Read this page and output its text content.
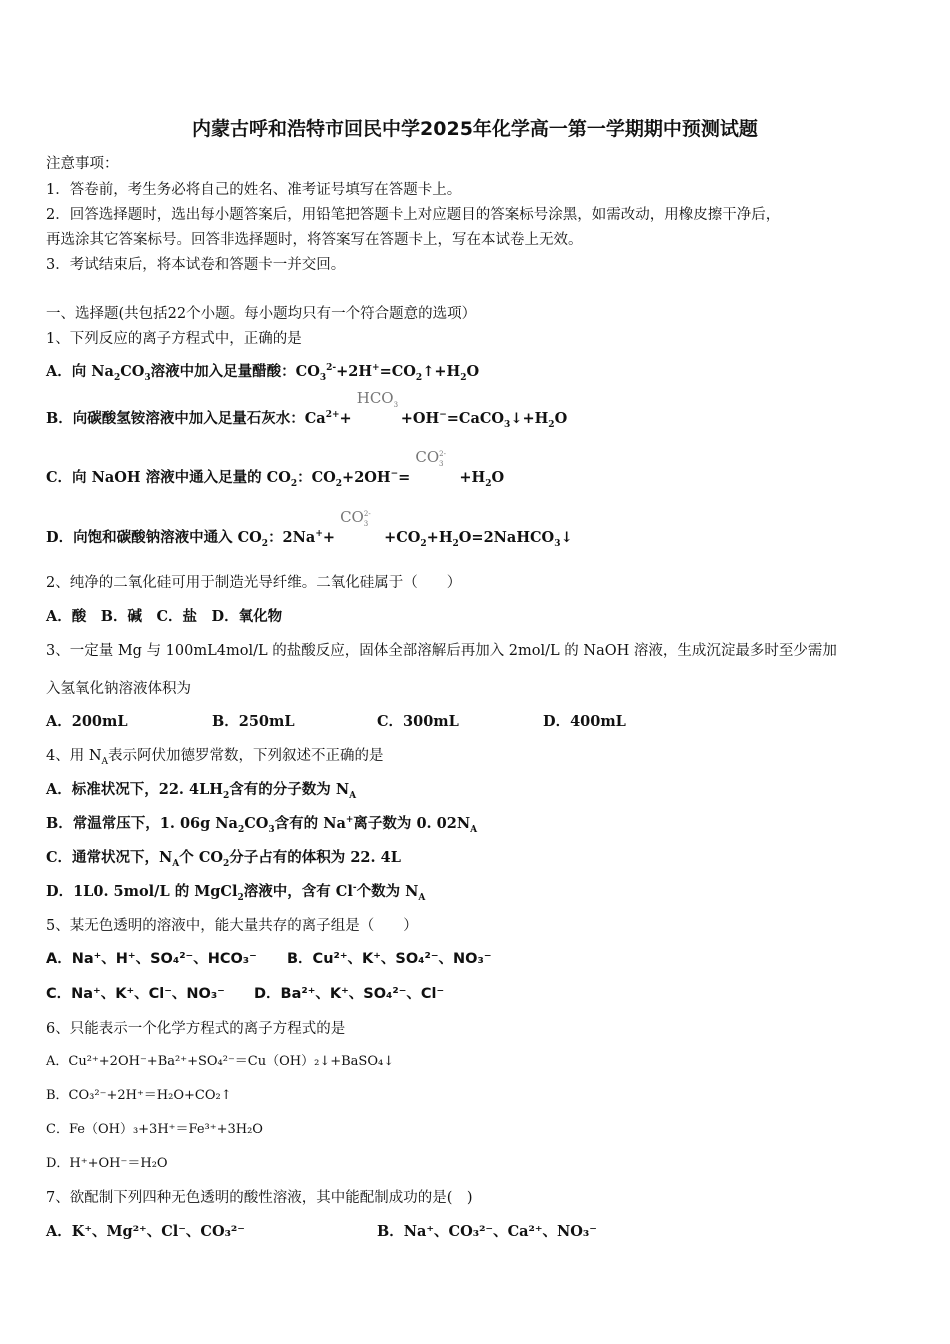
内蒙古呼和浩特市回民中学2025年化学高一第一学期期中预测试题
注意事项：
1．答卷前，考生务必将自己的姓名、准考证号填写在答题卡上。
2．回答选择题时，选出每小题答案后，用铅笔把答题卡上对应题目的答案标号涂黑，如需改动，用橡皮擦干净后，
再选涂其它答案标号。回答非选择题时，将答案写在答题卡上，写在本试卷上无效。
3．考试结束后，将本试卷和答题卡一并交回。
一、选择题(共包括22个小题。每小题均只有一个符合题意的选项）
1、下列反应的离子方程式中，正确的是
A．向 $Na_2CO_3$溶液中加入足量醋酸：$CO_3^{2-}+2H^+=CO_2↑+H_2O$
B．向碳酸氢铵溶液中加入足量石灰水：$Ca^{2+}+$
$HCO_3$
$+OH^-=CaCO_3↓+H_2O$
C．向 NaOH 溶液中通入足量的 $CO_2$：$CO_2+2OH^-=$
$CO^{2-}_3$
$+H_2O$
D．向饱和碳酸钠溶液中通入 $CO_2$：2Na++
$CO^{2-}_3$
$+CO_2+H_2O=2NaHCO_3↓$
2、纯净的二氧化硅可用于制造光导纤维。二氧化硅属于（　　）
A．酸　B．碱　C．盐　D．氧化物
3、一定量 Mg 与 100mL4mol/L 的盐酸反应，固体全部溶解后再加入 2mol/L 的 NaOH 溶液，生成沉淀最多时至少需加
入氢氧化钠溶液体积为
A．200mL	B．250mL	C．300mL	D．400mL
4、用 $N_A$表示阿伏加德罗常数，下列叙述不正确的是
A．标准状况下，22. $4LH_2$含有的分子数为 $N_A$
B．常温常压下，1. 06g $Na_2CO_3$含有的 Na+离子数为 0. $02N_A$
C．通常状况下，$N_A$个 $CO_2$分子占有的体积为 22. 4L
D．1L0. 5mol/L 的 MgCl$_2$溶液中，含有 Cl-个数为 $N_A$
5、某无色透明的溶液中，能大量共存的离子组是（　　）
A．Na⁺、H⁺、SO₄²⁻、HCO₃⁻ B．Cu²⁺、K⁺、SO₄²⁻、NO₃⁻
C．Na⁺、K⁺、Cl⁻、NO₃⁻ D．Ba²⁺、K⁺、SO₄²⁻、Cl⁻
6、只能表示一个化学方程式的离子方程式的是
A．Cu²⁺+2OH⁻+Ba²⁺+SO₄²⁻＝Cu（OH）₂↓+BaSO₄↓
B．CO₃²⁻+2H⁺＝H₂O+CO₂↑
C．Fe（OH）₃+3H⁺＝Fe³⁺+3H₂O
D．H⁺+OH⁻＝H₂O
7、欲配制下列四种无色透明的酸性溶液，其中能配制成功的是(　)
A．K⁺、Mg²⁺、Cl⁻、CO₃²⁻	B．Na⁺、CO₃²⁻、Ca²⁺、NO₃⁻
